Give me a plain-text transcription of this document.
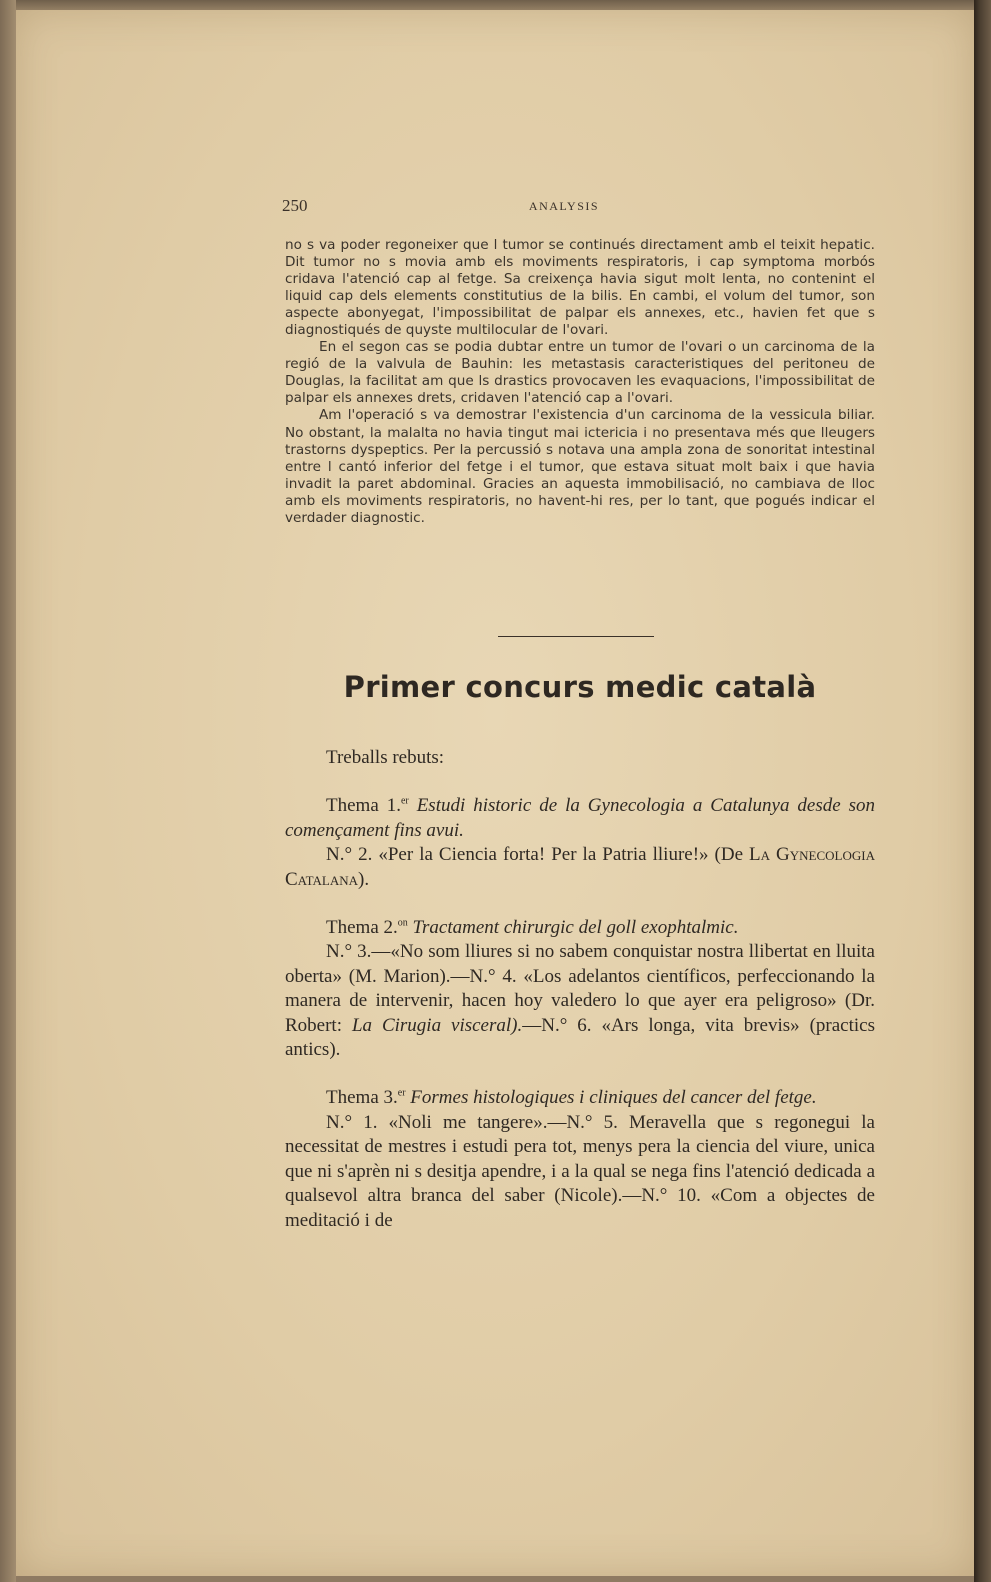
250	ANALYSIS

no s va poder regoneixer que l tumor se continués directament amb el teixit hepatic. Dit tumor no s movia amb els moviments respiratoris, i cap symptoma morbós cridava l'atenció cap al fetge. Sa creixença havia sigut molt lenta, no contenint el liquid cap dels elements constitutius de la bilis. En cambi, el volum del tumor, son aspecte abonyegat, l'impossibilitat de palpar els annexes, etc., havien fet que s diagnostiqués de quyste multilocular de l'ovari.

En el segon cas se podia dubtar entre un tumor de l'ovari o un carcinoma de la regió de la valvula de Bauhin: les metastasis caracteristiques del peritoneu de Douglas, la facilitat am que ls drastics provocaven les evaquacions, l'impossibilitat de palpar els annexes drets, cridaven l'atenció cap a l'ovari.

Am l'operació s va demostrar l'existencia d'un carcinoma de la vessicula biliar. No obstant, la malalta no havia tingut mai ictericia i no presentava més que lleugers trastorns dyspeptics. Per la percussió s notava una ampla zona de sonoritat intestinal entre l cantó inferior del fetge i el tumor, que estava situat molt baix i que havia invadit la paret abdominal. Gracies an aquesta immobilisació, no cambiava de lloc amb els moviments respiratoris, no havent-hi res, per lo tant, que pogués indicar el verdader diagnostic.

Primer concurs medic català

Treballs rebuts:

Thema 1.$^{er}$ Estudi historic de la Gynecologia a Catalunya desde son començament fins avui.

N.° 2. «Per la Ciencia forta! Per la Patria lliure!» (De La Gynecologia Catalana).

Thema 2.$^{on}$ Tractament chirurgic del goll exophtalmic.

N.° 3.—«No som lliures si no sabem conquistar nostra llibertat en lluita oberta» (M. Marion).—N.° 4. «Los adelantos científicos, perfeccionando la manera de intervenir, hacen hoy valedero lo que ayer era peligroso» (Dr. Robert: La Cirugia visceral).—N.° 6. «Ars longa, vita brevis» (practics antics).

Thema 3.$^{er}$ Formes histologiques i cliniques del cancer del fetge.

N.° 1. «Noli me tangere».—N.° 5. Meravella que s regonegui la necessitat de mestres i estudi pera tot, menys pera la ciencia del viure, unica que ni s'aprèn ni s desitja apendre, i a la qual se nega fins l'atenció dedicada a qualsevol altra branca del saber (Nicole).—N.° 10. «Com a objectes de meditació i de
